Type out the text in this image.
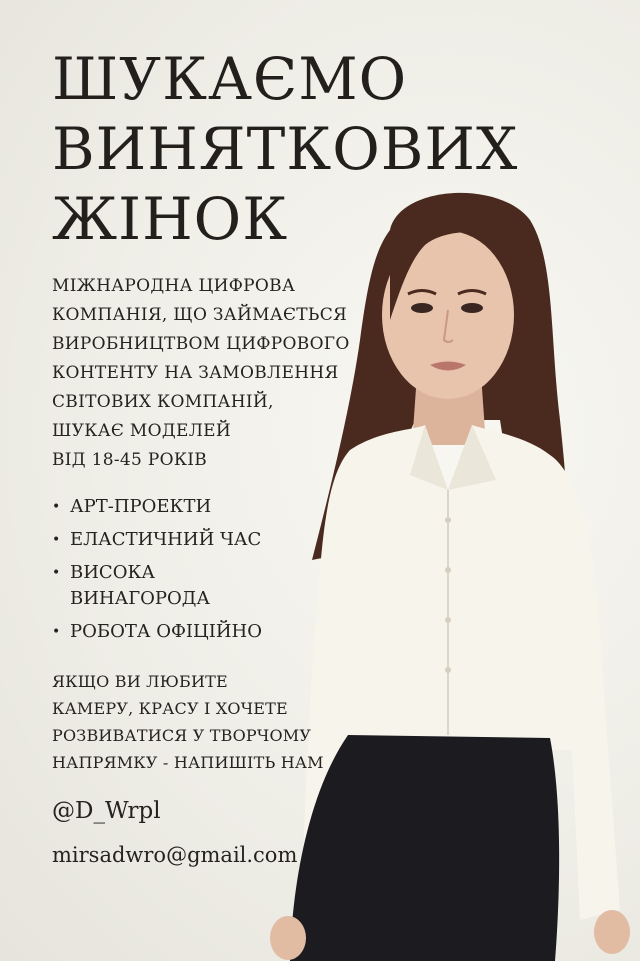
ШУКАЄМО
ВИНЯТКОВИХ
ЖІНОК
МІЖНАРОДНА ЦИФРОВА
КОМПАНІЯ, ЩО ЗАЙМАЄТЬСЯ
ВИРОБНИЦТВОМ ЦИФРОВОГО
КОНТЕНТУ НА ЗАМОВЛЕННЯ
СВІТОВИХ КОМПАНІЙ,
ШУКАЄ МОДЕЛЕЙ
ВІД 18-45 РОКІВ
• АРТ-ПРОЕКТИ
• ЕЛАСТИЧНИЙ ЧАС
• ВИСОКА
ВИНАГОРОДА
• РОБОТА ОФІЦІЙНО
ЯКЩО ВИ ЛЮБИТЕ
КАМЕРУ, КРАСУ І ХОЧЕТЕ
РОЗВИВАТИСЯ У ТВОРЧОМУ
НАПРЯМКУ - НАПИШІТЬ НАМ
@D_Wrpl
mirsadwro@gmail.com
